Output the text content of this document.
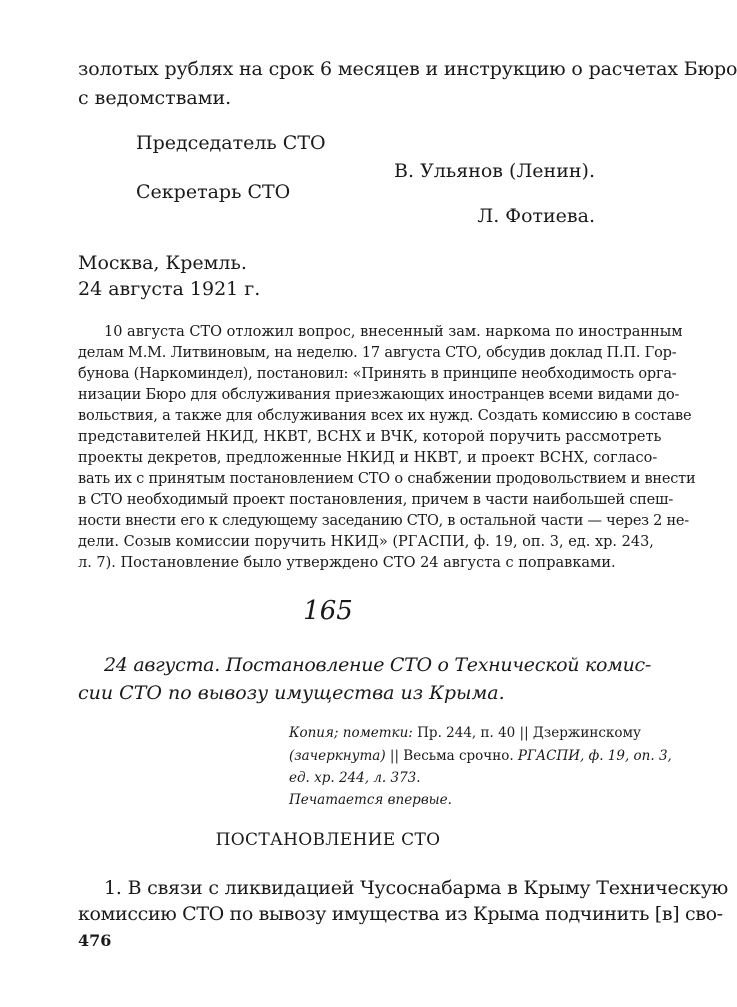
золотых рублях на срок 6 месяцев и инструкцию о расчетах Бюро

с ведомствами.

Председатель СТО

В. Ульянов (Ленин).

Секретарь СТО

Л. Фотиева.

Москва, Кремль.

24 августа 1921 г.

10 августа СТО отложил вопрос, внесенный зам. наркома по иностранным
делам М.М. Литвиновым, на неделю. 17 августа СТО, обсудив доклад П.П. Гор-
бунова (Наркоминдел), постановил: «Принять в принципе необходимость орга-
низации Бюро для обслуживания приезжающих иностранцев всеми видами до-
вольствия, а также для обслуживания всех их нужд. Создать комиссию в составе
представителей НКИД, НКВТ, ВСНХ и ВЧК, которой поручить рассмотреть
проекты декретов, предложенные НКИД и НКВТ, и проект ВСНХ, согласо-
вать их с принятым постановлением СТО о снабжении продовольствием и внести
в СТО необходимый проект постановления, причем в части наибольшей спеш-
ности внести его к следующему заседанию СТО, в остальной части — через 2 не-
дели. Созыв комиссии поручить НКИД» (РГАСПИ, ф. 19, оп. 3, ед. хр. 243,
л. 7). Постановление было утверждено СТО 24 августа с поправками.

165

24 августа. Постановление СТО о Технической комис-

сии СТО по вывозу имущества из Крыма.

Копия; пометки: Пр. 244, п. 40 || Дзержинскому

(зачеркнута) || Весьма срочно. РГАСПИ, ф. 19, оп. 3,

ед. хр. 244, л. 373.

Печатается впервые.

ПОСТАНОВЛЕНИЕ СТО

1. В связи с ликвидацией Чусоснабарма в Крыму Техническую

комиссию СТО по вывозу имущества из Крыма подчинить [в] сво-

476
